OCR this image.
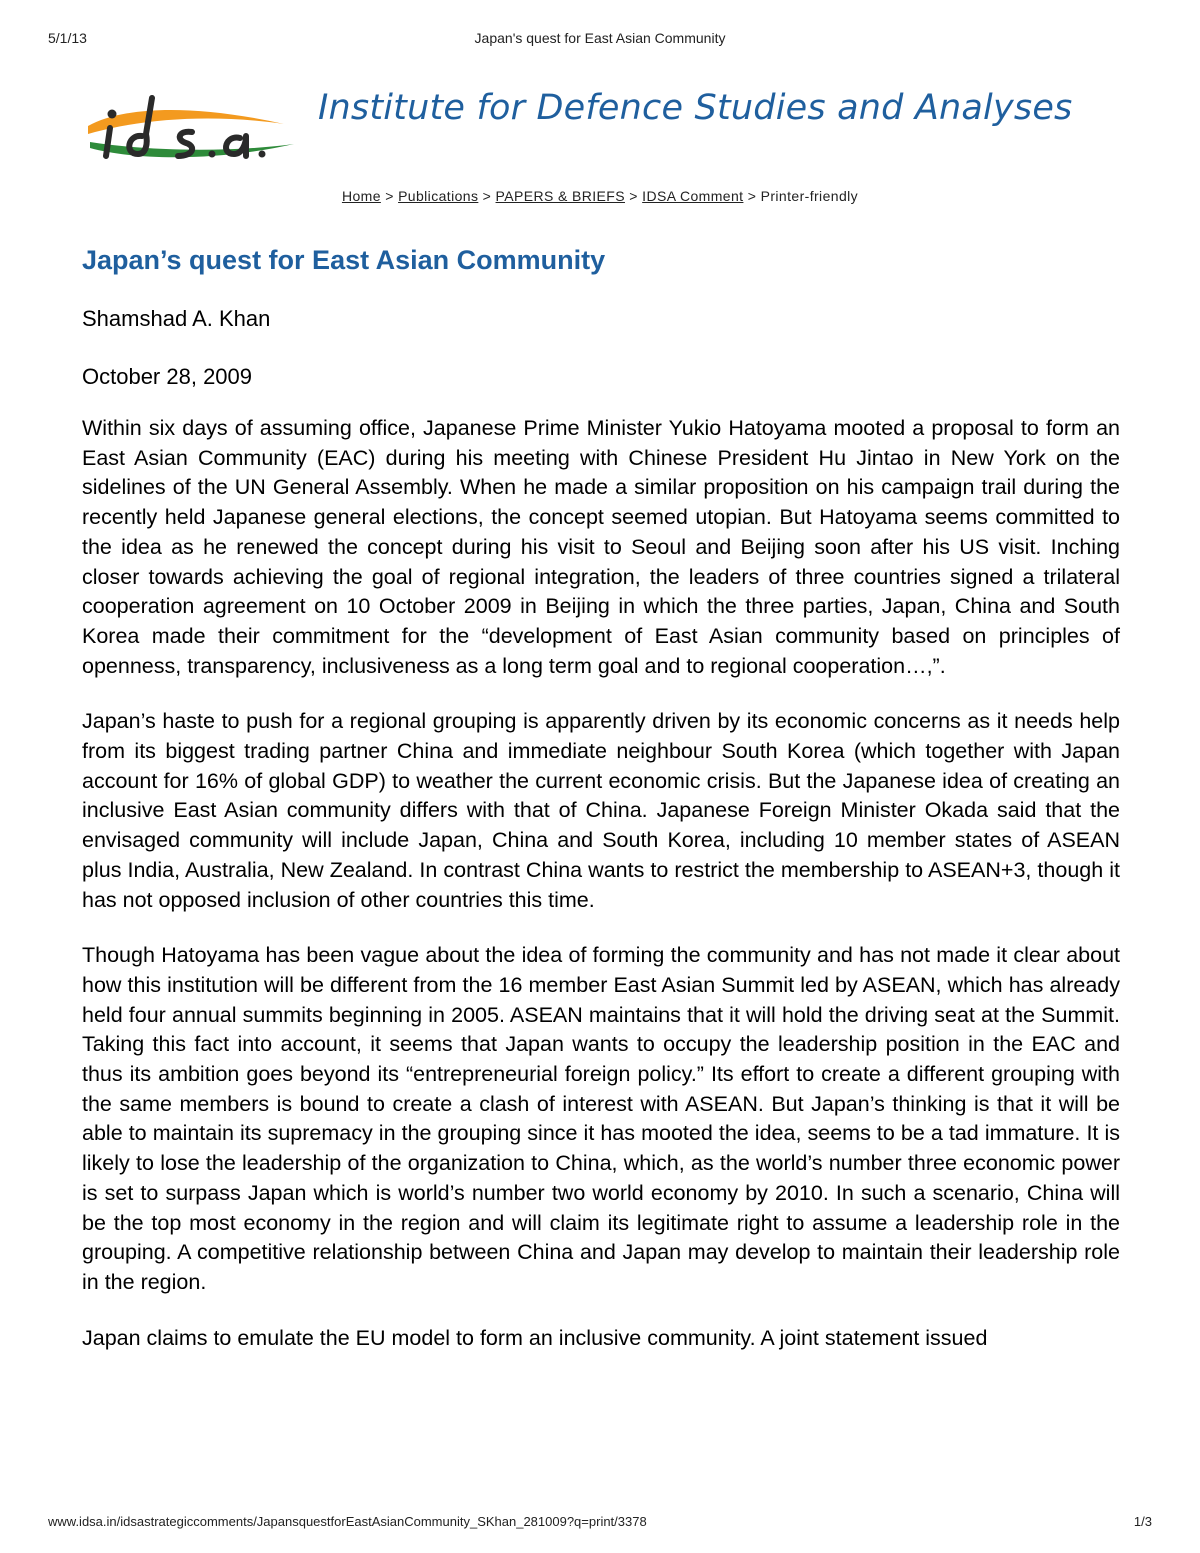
5/1/13	Japan's quest for East Asian Community
Institute for Defence Studies and Analyses
Home > Publications > PAPERS & BRIEFS > IDSA Comment > Printer-friendly
Japan’s quest for East Asian Community

Shamshad A. Khan

October 28, 2009

Within six days of assuming office, Japanese Prime Minister Yukio Hatoyama mooted a proposal to form an East Asian Community (EAC) during his meeting with Chinese President Hu Jintao in New York on the sidelines of the UN General Assembly. When he made a similar proposition on his campaign trail during the recently held Japanese general elections, the concept seemed utopian. But Hatoyama seems committed to the idea as he renewed the concept during his visit to Seoul and Beijing soon after his US visit. Inching closer towards achieving the goal of regional integration, the leaders of three countries signed a trilateral cooperation agreement on 10 October 2009 in Beijing in which the three parties, Japan, China and South Korea made their commitment for the “development of East Asian community based on principles of openness, transparency, inclusiveness as a long term goal and to regional cooperation…,”.

Japan’s haste to push for a regional grouping is apparently driven by its economic concerns as it needs help from its biggest trading partner China and immediate neighbour South Korea (which together with Japan account for 16% of global GDP) to weather the current economic crisis. But the Japanese idea of creating an inclusive East Asian community differs with that of China. Japanese Foreign Minister Okada said that the envisaged community will include Japan, China and South Korea, including 10 member states of ASEAN plus India, Australia, New Zealand. In contrast China wants to restrict the membership to ASEAN+3, though it has not opposed inclusion of other countries this time.

Though Hatoyama has been vague about the idea of forming the community and has not made it clear about how this institution will be different from the 16 member East Asian Summit led by ASEAN, which has already held four annual summits beginning in 2005. ASEAN maintains that it will hold the driving seat at the Summit. Taking this fact into account, it seems that Japan wants to occupy the leadership position in the EAC and thus its ambition goes beyond its “entrepreneurial foreign policy.” Its effort to create a different grouping with the same members is bound to create a clash of interest with ASEAN. But Japan’s thinking is that it will be able to maintain its supremacy in the grouping since it has mooted the idea, seems to be a tad immature. It is likely to lose the leadership of the organization to China, which, as the world’s number three economic power is set to surpass Japan which is world’s number two world economy by 2010. In such a scenario, China will be the top most economy in the region and will claim its legitimate right to assume a leadership role in the grouping. A competitive relationship between China and Japan may develop to maintain their leadership role in the region.

Japan claims to emulate the EU model to form an inclusive community. A joint statement issued

www.idsa.in/idsastrategiccomments/JapansquestforEastAsianCommunity_SKhan_281009?q=print/3378	1/3
